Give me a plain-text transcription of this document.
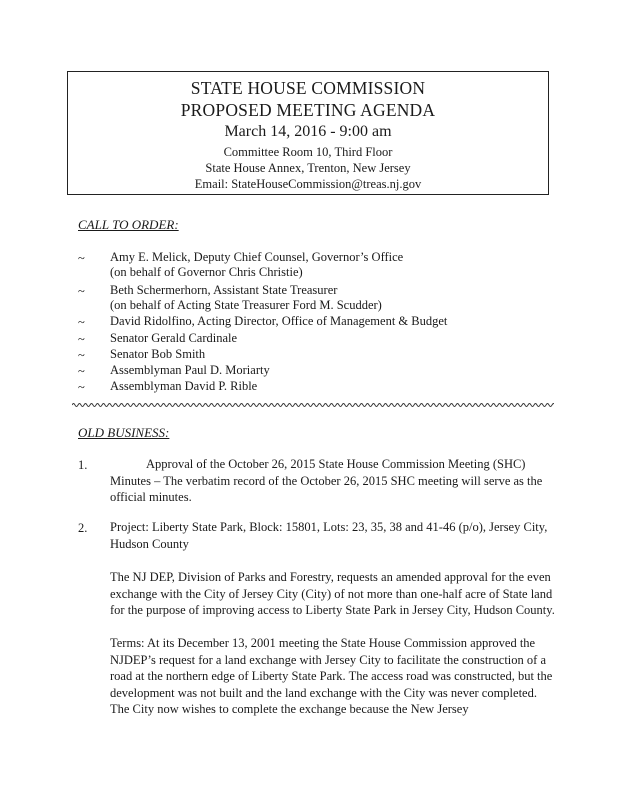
STATE HOUSE COMMISSION
PROPOSED MEETING AGENDA
March 14, 2016 - 9:00 am
Committee Room 10, Third Floor
State House Annex, Trenton, New Jersey
Email: StateHouseCommission@treas.nj.gov
CALL TO ORDER:
~ Amy E. Melick, Deputy Chief Counsel, Governor’s Office
(on behalf of Governor Chris Christie)
~ Beth Schermerhorn, Assistant State Treasurer
(on behalf of Acting State Treasurer Ford M. Scudder)
~ David Ridolfino, Acting Director, Office of Management & Budget
~ Senator Gerald Cardinale
~ Senator Bob Smith
~ Assemblyman Paul D. Moriarty
~ Assemblyman David P. Rible
OLD BUSINESS:
1.	Approval of the October 26, 2015 State House Commission Meeting (SHC) Minutes – The verbatim record of the October 26, 2015 SHC meeting will serve as the official minutes.
2. Project: Liberty State Park, Block: 15801, Lots: 23, 35, 38 and 41-46 (p/o), Jersey City, Hudson County
The NJ DEP, Division of Parks and Forestry, requests an amended approval for the even exchange with the City of Jersey City (City) of not more than one-half acre of State land for the purpose of improving access to Liberty State Park in Jersey City, Hudson County.
Terms: At its December 13, 2001 meeting the State House Commission approved the NJDEP’s request for a land exchange with Jersey City to facilitate the construction of a road at the northern edge of Liberty State Park. The access road was constructed, but the development was not built and the land exchange with the City was never completed. The City now wishes to complete the exchange because the New Jersey
